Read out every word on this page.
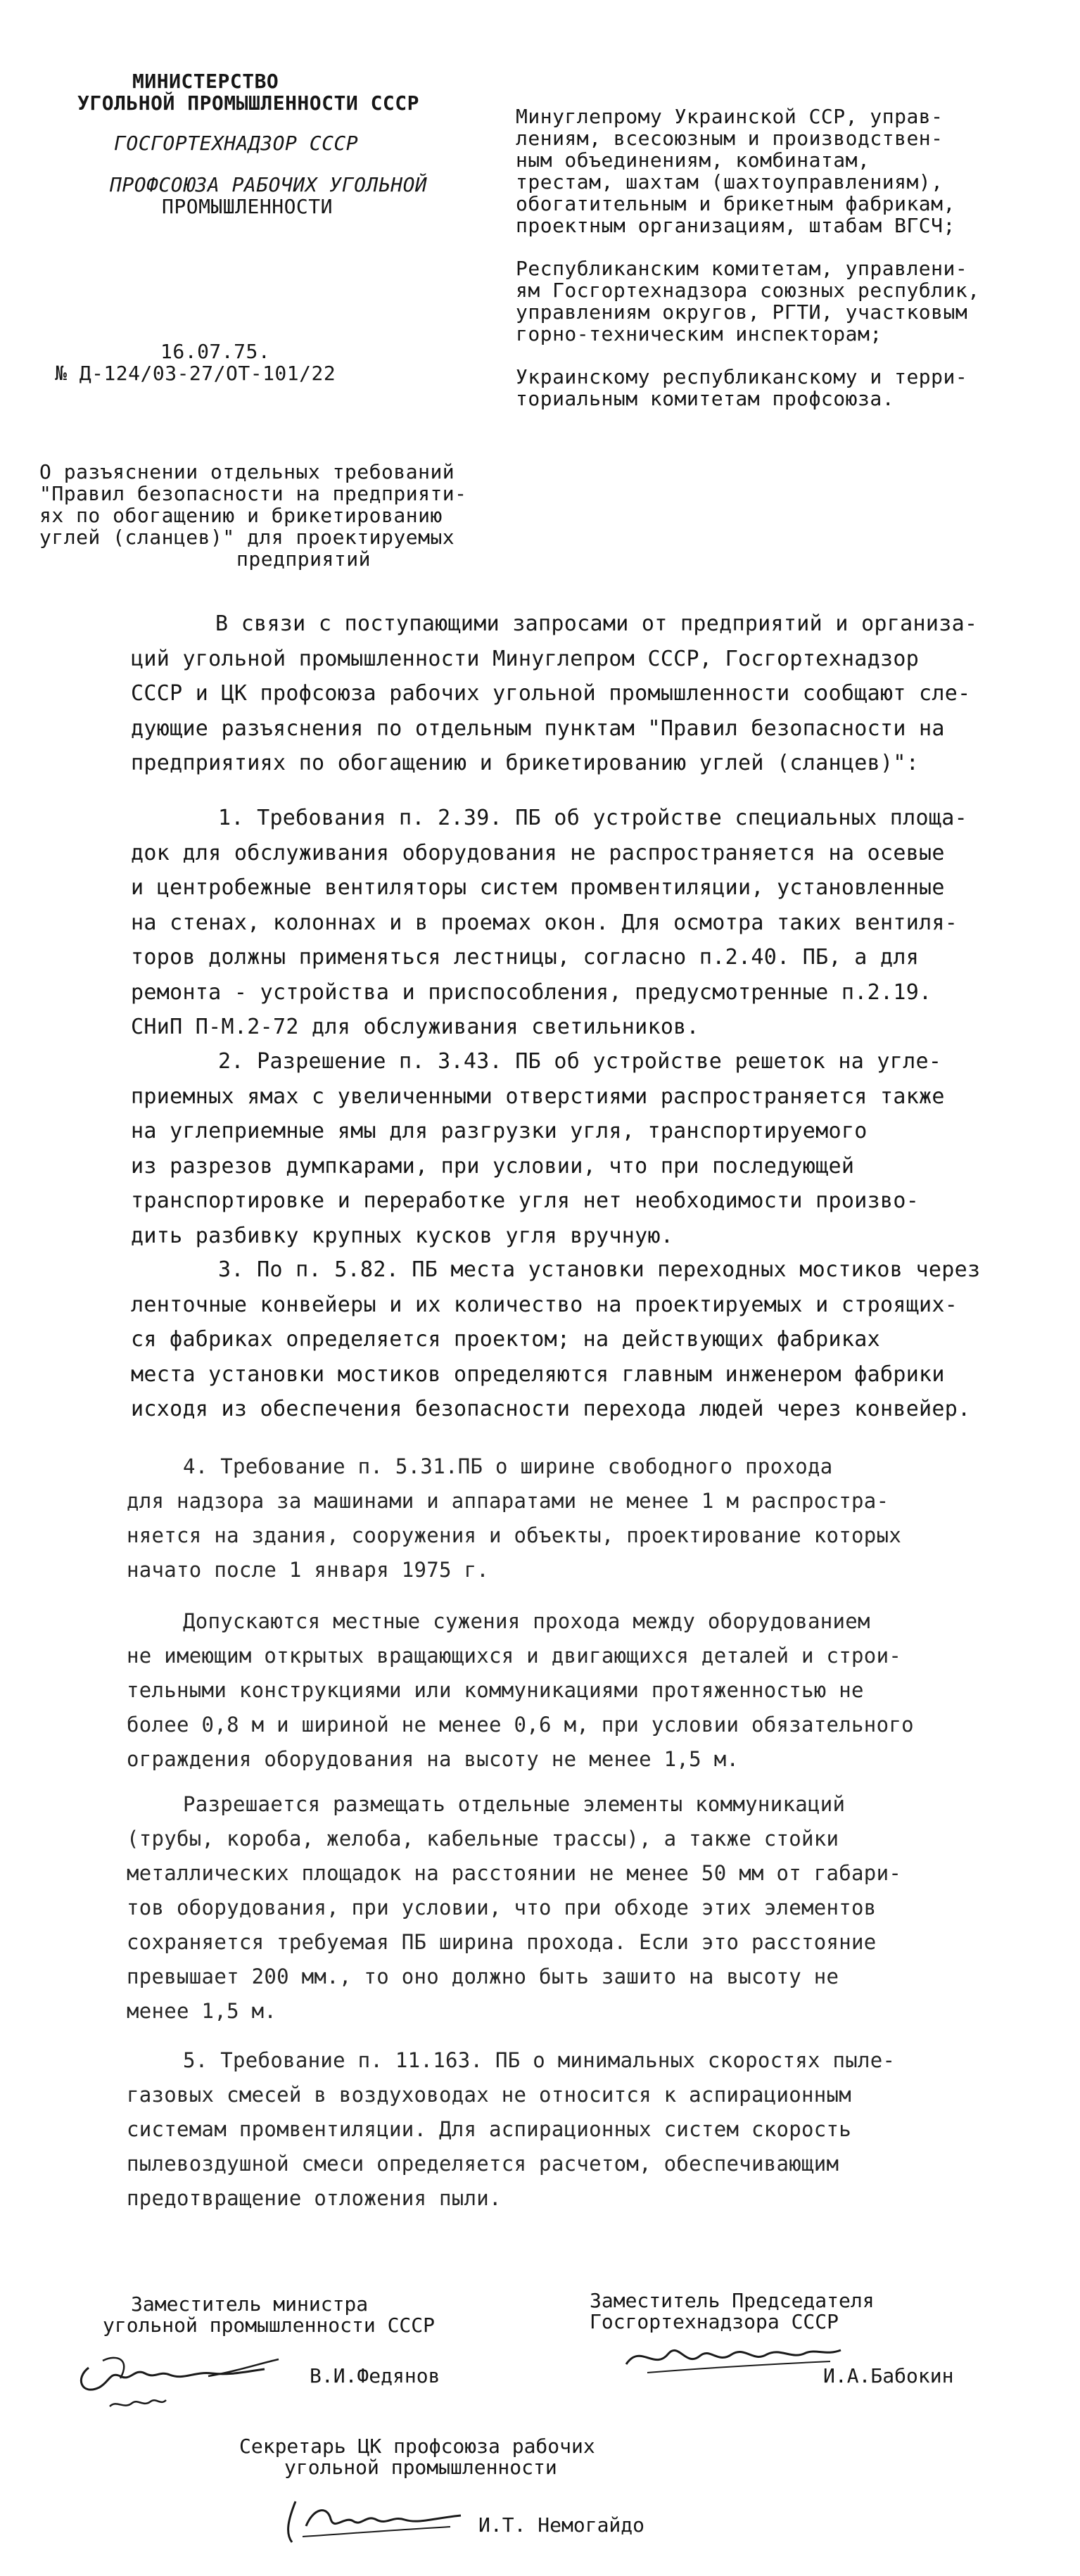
МИНИСТЕРСТВО
УГОЛЬНОЙ ПРОМЫШЛЕННОСТИ СССР
ГОСГОРТЕХНАДЗОР СССР
ПРОФСОЮЗА РАБОЧИХ УГОЛЬНОЙ
ПРОМЫШЛЕННОСТИ
16.07.75.
№ Д-124/03-27/ОТ-101/22
Минуглепрому Украинской ССР, управ-
лениям, всесоюзным и производствен-
ным объединениям, комбинатам,
трестам, шахтам (шахтоуправлениям),
обогатительным и брикетным фабрикам,
проектным организациям, штабам ВГСЧ;
Республиканским комитетам, управлени-
ям Госгортехнадзора союзных республик,
управлениям округов, РГТИ, участковым
горно-техническим инспекторам;
Украинскому республиканскому и терри-
ториальным комитетам профсоюза.
О разъяснении отдельных требований
"Правил безопасности на предприяти-
ях по обогащению и брикетированию
углей (сланцев)" для проектируемых
предприятий
В связи с поступающими запросами от предприятий и организа-
ций угольной промышленности Минуглепром СССР, Госгортехнадзор
СССР и ЦК профсоюза рабочих угольной промышленности сообщают сле-
дующие разъяснения по отдельным пунктам "Правил безопасности на
предприятиях по обогащению и брикетированию углей (сланцев)":
1. Требования п. 2.39. ПБ об устройстве специальных площа-
док для обслуживания оборудования не распространяется на осевые
и центробежные вентиляторы систем промвентиляции, установленные
на стенах, колоннах и в проемах окон. Для осмотра таких вентиля-
торов должны применяться лестницы, согласно п.2.40. ПБ, а для
ремонта - устройства и приспособления, предусмотренные п.2.19.
СНиП П-М.2-72 для обслуживания светильников.
2. Разрешение п. 3.43. ПБ об устройстве решеток на угле-
приемных ямах с увеличенными отверстиями распространяется также
на углеприемные ямы для разгрузки угля, транспортируемого
из разрезов думпкарами, при условии, что при последующей
транспортировке и переработке угля нет необходимости произво-
дить разбивку крупных кусков угля вручную.
3. По п. 5.82. ПБ места установки переходных мостиков через
ленточные конвейеры и их количество на проектируемых и строящих-
ся фабриках определяется проектом; на действующих фабриках
места установки мостиков определяются главным инженером фабрики
исходя из обеспечения безопасности перехода людей через конвейер.
4. Требование п. 5.31.ПБ о ширине свободного прохода
для надзора за машинами и аппаратами не менее 1 м распростра-
няется на здания, сооружения и объекты, проектирование которых
начато после 1 января 1975 г.
Допускаются местные сужения прохода между оборудованием
не имеющим открытых вращающихся и двигающихся деталей и строи-
тельными конструкциями или коммуникациями протяженностью не
более 0,8 м и шириной не менее 0,6 м, при условии обязательного
ограждения оборудования на высоту не менее 1,5 м.
Разрешается размещать отдельные элементы коммуникаций
(трубы, короба, желоба, кабельные трассы), а также стойки
металлических площадок на расстоянии не менее 50 мм от габари-
тов оборудования, при условии, что при обходе этих элементов
сохраняется требуемая ПБ ширина прохода. Если это расстояние
превышает 200 мм., то оно должно быть зашито на высоту не
менее 1,5 м.
5. Требование п. 11.163. ПБ о минимальных скоростях пыле-
газовых смесей в воздуховодах не относится к аспирационным
системам промвентиляции. Для аспирационных систем скорость
пылевоздушной смеси определяется расчетом, обеспечивающим
предотвращение отложения пыли.
Заместитель министра
угольной промышленности СССР
В.И.Федянов
Заместитель Председателя
Госгортехнадзора СССР
И.А.Бабокин
Секретарь ЦК профсоюза рабочих
угольной промышленности
И.Т. Немогайдо
